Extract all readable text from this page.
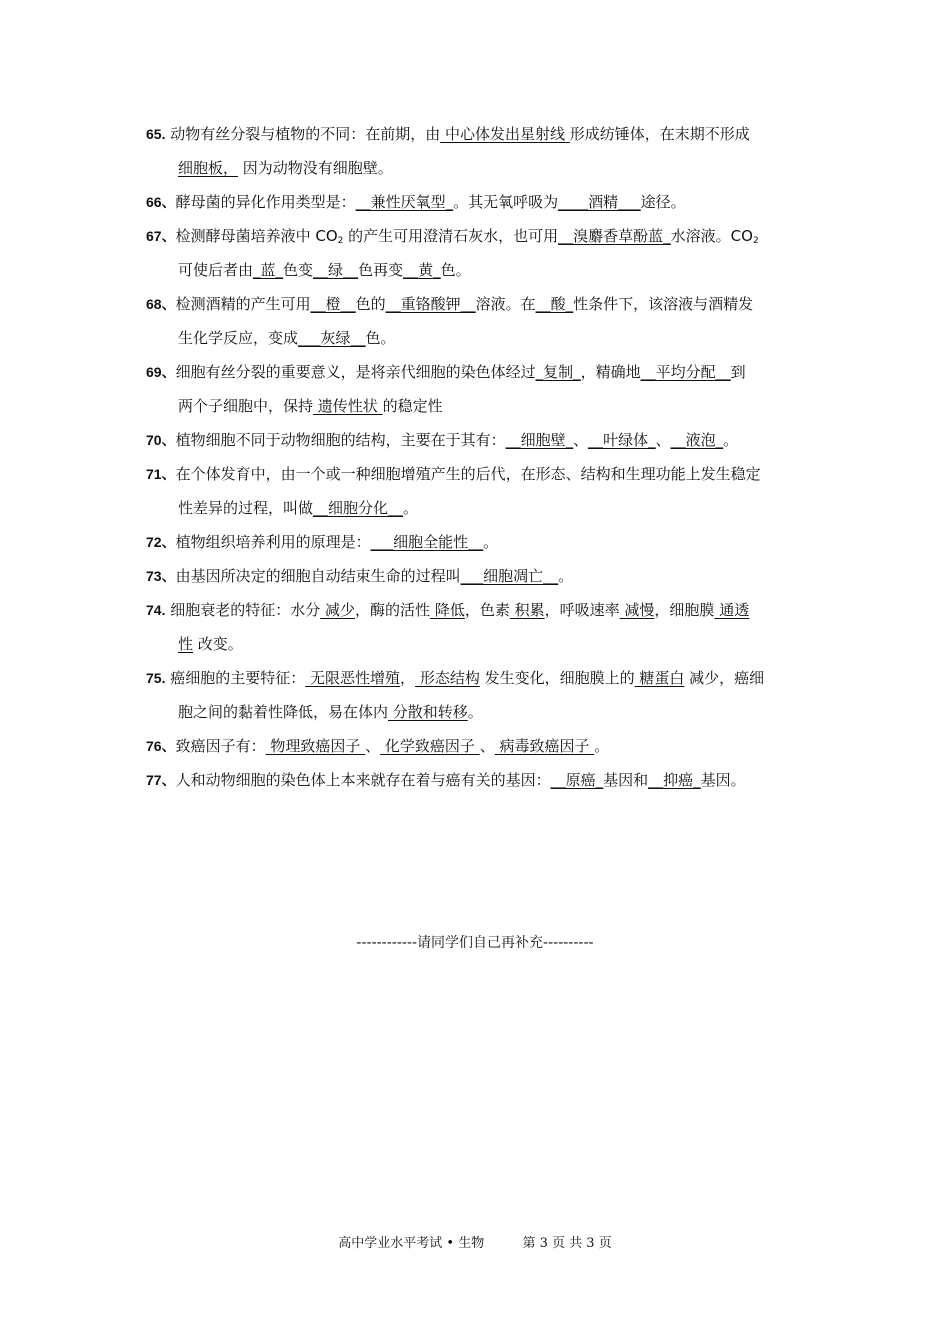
65. 动物有丝分裂与植物的不同：在前期，由 中心体发出星射线 形成纺锤体，在末期不形成
细胞板， 因为动物没有细胞壁。
66、酵母菌的异化作用类型是：__兼性厌氧型_。其无氧呼吸为____酒精___途径。
67、检测酵母菌培养液中 $CO_2$ 的产生可用澄清石灰水，也可用__溴麝香草酚蓝_水溶液。$CO_2$
可使后者由_蓝_色变__绿__色再变__黄_色。
68、检测酒精的产生可用__橙__色的__重铬酸钾__溶液。在__酸_性条件下，该溶液与酒精发
生化学反应，变成___灰绿__色。
69、细胞有丝分裂的重要意义，是将亲代细胞的染色体经过_复制_，精确地__平均分配__到
两个子细胞中，保持 遗传性状 的稳定性
70、植物细胞不同于动物细胞的结构，主要在于其有：__细胞壁_、__叶绿体_、__液泡_。
71、在个体发育中，由一个或一种细胞增殖产生的后代，在形态、结构和生理功能上发生稳定
性差异的过程，叫做__细胞分化__。
72、植物组织培养利用的原理是：___细胞全能性__。
73、由基因所决定的细胞自动结束生命的过程叫___细胞凋亡__。
74. 细胞衰老的特征：水分 减少，酶的活性 降低，色素 积累，呼吸速率 减慢，细胞膜 通透
性 改变。
75. 癌细胞的主要特征： 无限恶性增殖， 形态结构 发生变化，细胞膜上的 糖蛋白 减少，癌细
胞之间的黏着性降低，易在体内 分散和转移。
76、致癌因子有： 物理致癌因子 、 化学致癌因子 、 病毒致癌因子 。
77、人和动物细胞的染色体上本来就存在着与癌有关的基因：__原癌_基因和__抑癌_基因。
------------请同学们自己再补充----------
高中学业水平考试 • 生物	第 3 页 共 3 页
